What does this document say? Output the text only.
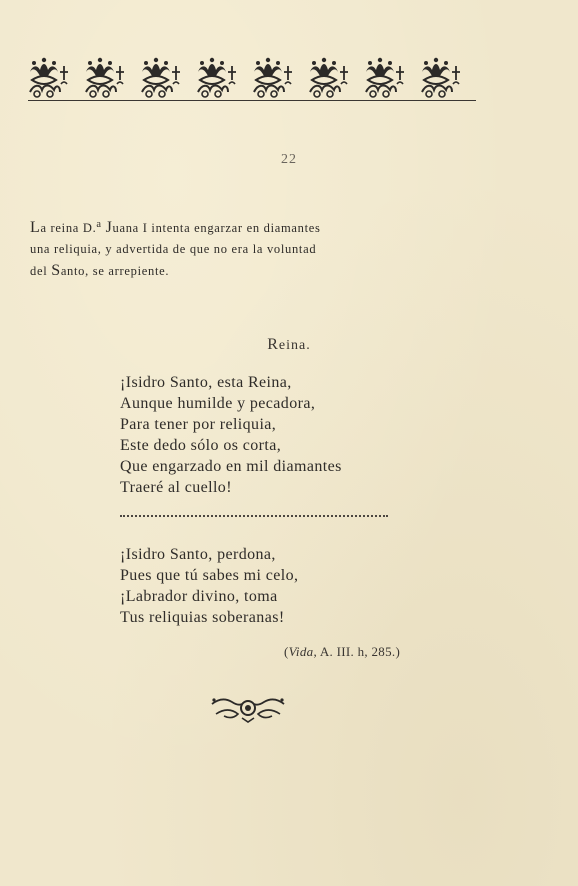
22
La reina D.$^a$ Juana I intenta engarzar en diamantes
una reliquia, y advertida de que no era la voluntad
del Santo, se arrepiente.
Reina.
¡Isidro Santo, esta Reina,
Aunque humilde y pecadora,
Para tener por reliquia,
Este dedo sólo os corta,
Que engarzado en mil diamantes
Traeré al cuello!
¡Isidro Santo, perdona,
Pues que tú sabes mi celo,
¡Labrador divino, toma
Tus reliquias soberanas!
(Vida, A. III. h, 285.)
